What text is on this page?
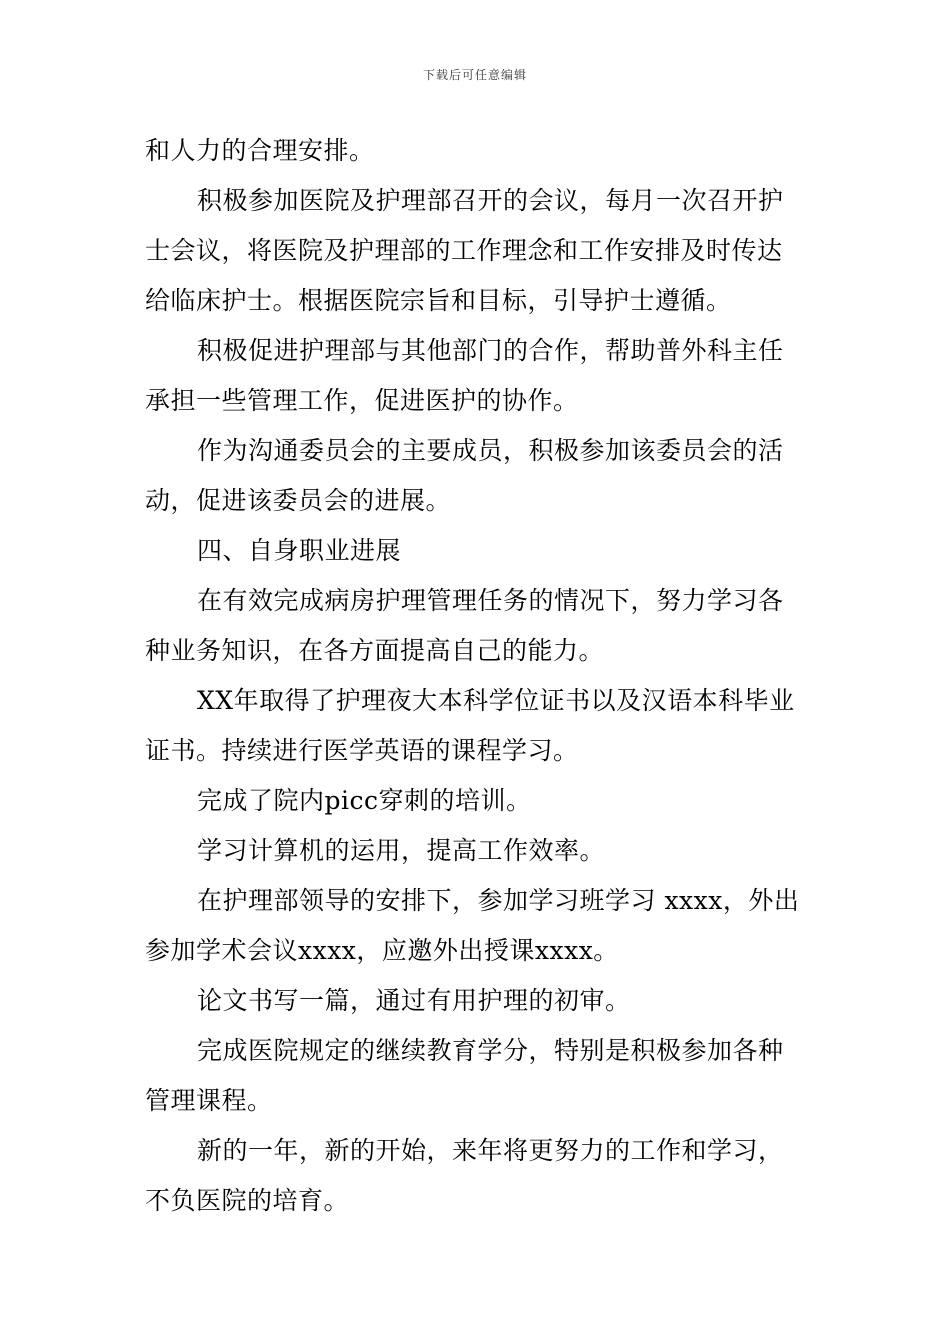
下载后可任意编辑
和人力的合理安排。
积极参加医院及护理部召开的会议，每月一次召开护
士会议，将医院及护理部的工作理念和工作安排及时传达
给临床护士。根据医院宗旨和目标，引导护士遵循。
积极促进护理部与其他部门的合作，帮助普外科主任
承担一些管理工作，促进医护的协作。
作为沟通委员会的主要成员，积极参加该委员会的活
动，促进该委员会的进展。
四、自身职业进展
在有效完成病房护理管理任务的情况下，努力学习各
种业务知识，在各方面提高自己的能力。
XX年取得了护理夜大本科学位证书以及汉语本科毕业
证书。持续进行医学英语的课程学习。
完成了院内picc穿刺的培训。
学习计算机的运用，提高工作效率。
在护理部领导的安排下，参加学习班学习 xxxx，外出
参加学术会议xxxx，应邀外出授课xxxx。
论文书写一篇，通过有用护理的初审。
完成医院规定的继续教育学分，特别是积极参加各种
管理课程。
新的一年，新的开始，来年将更努力的工作和学习，
不负医院的培育。
